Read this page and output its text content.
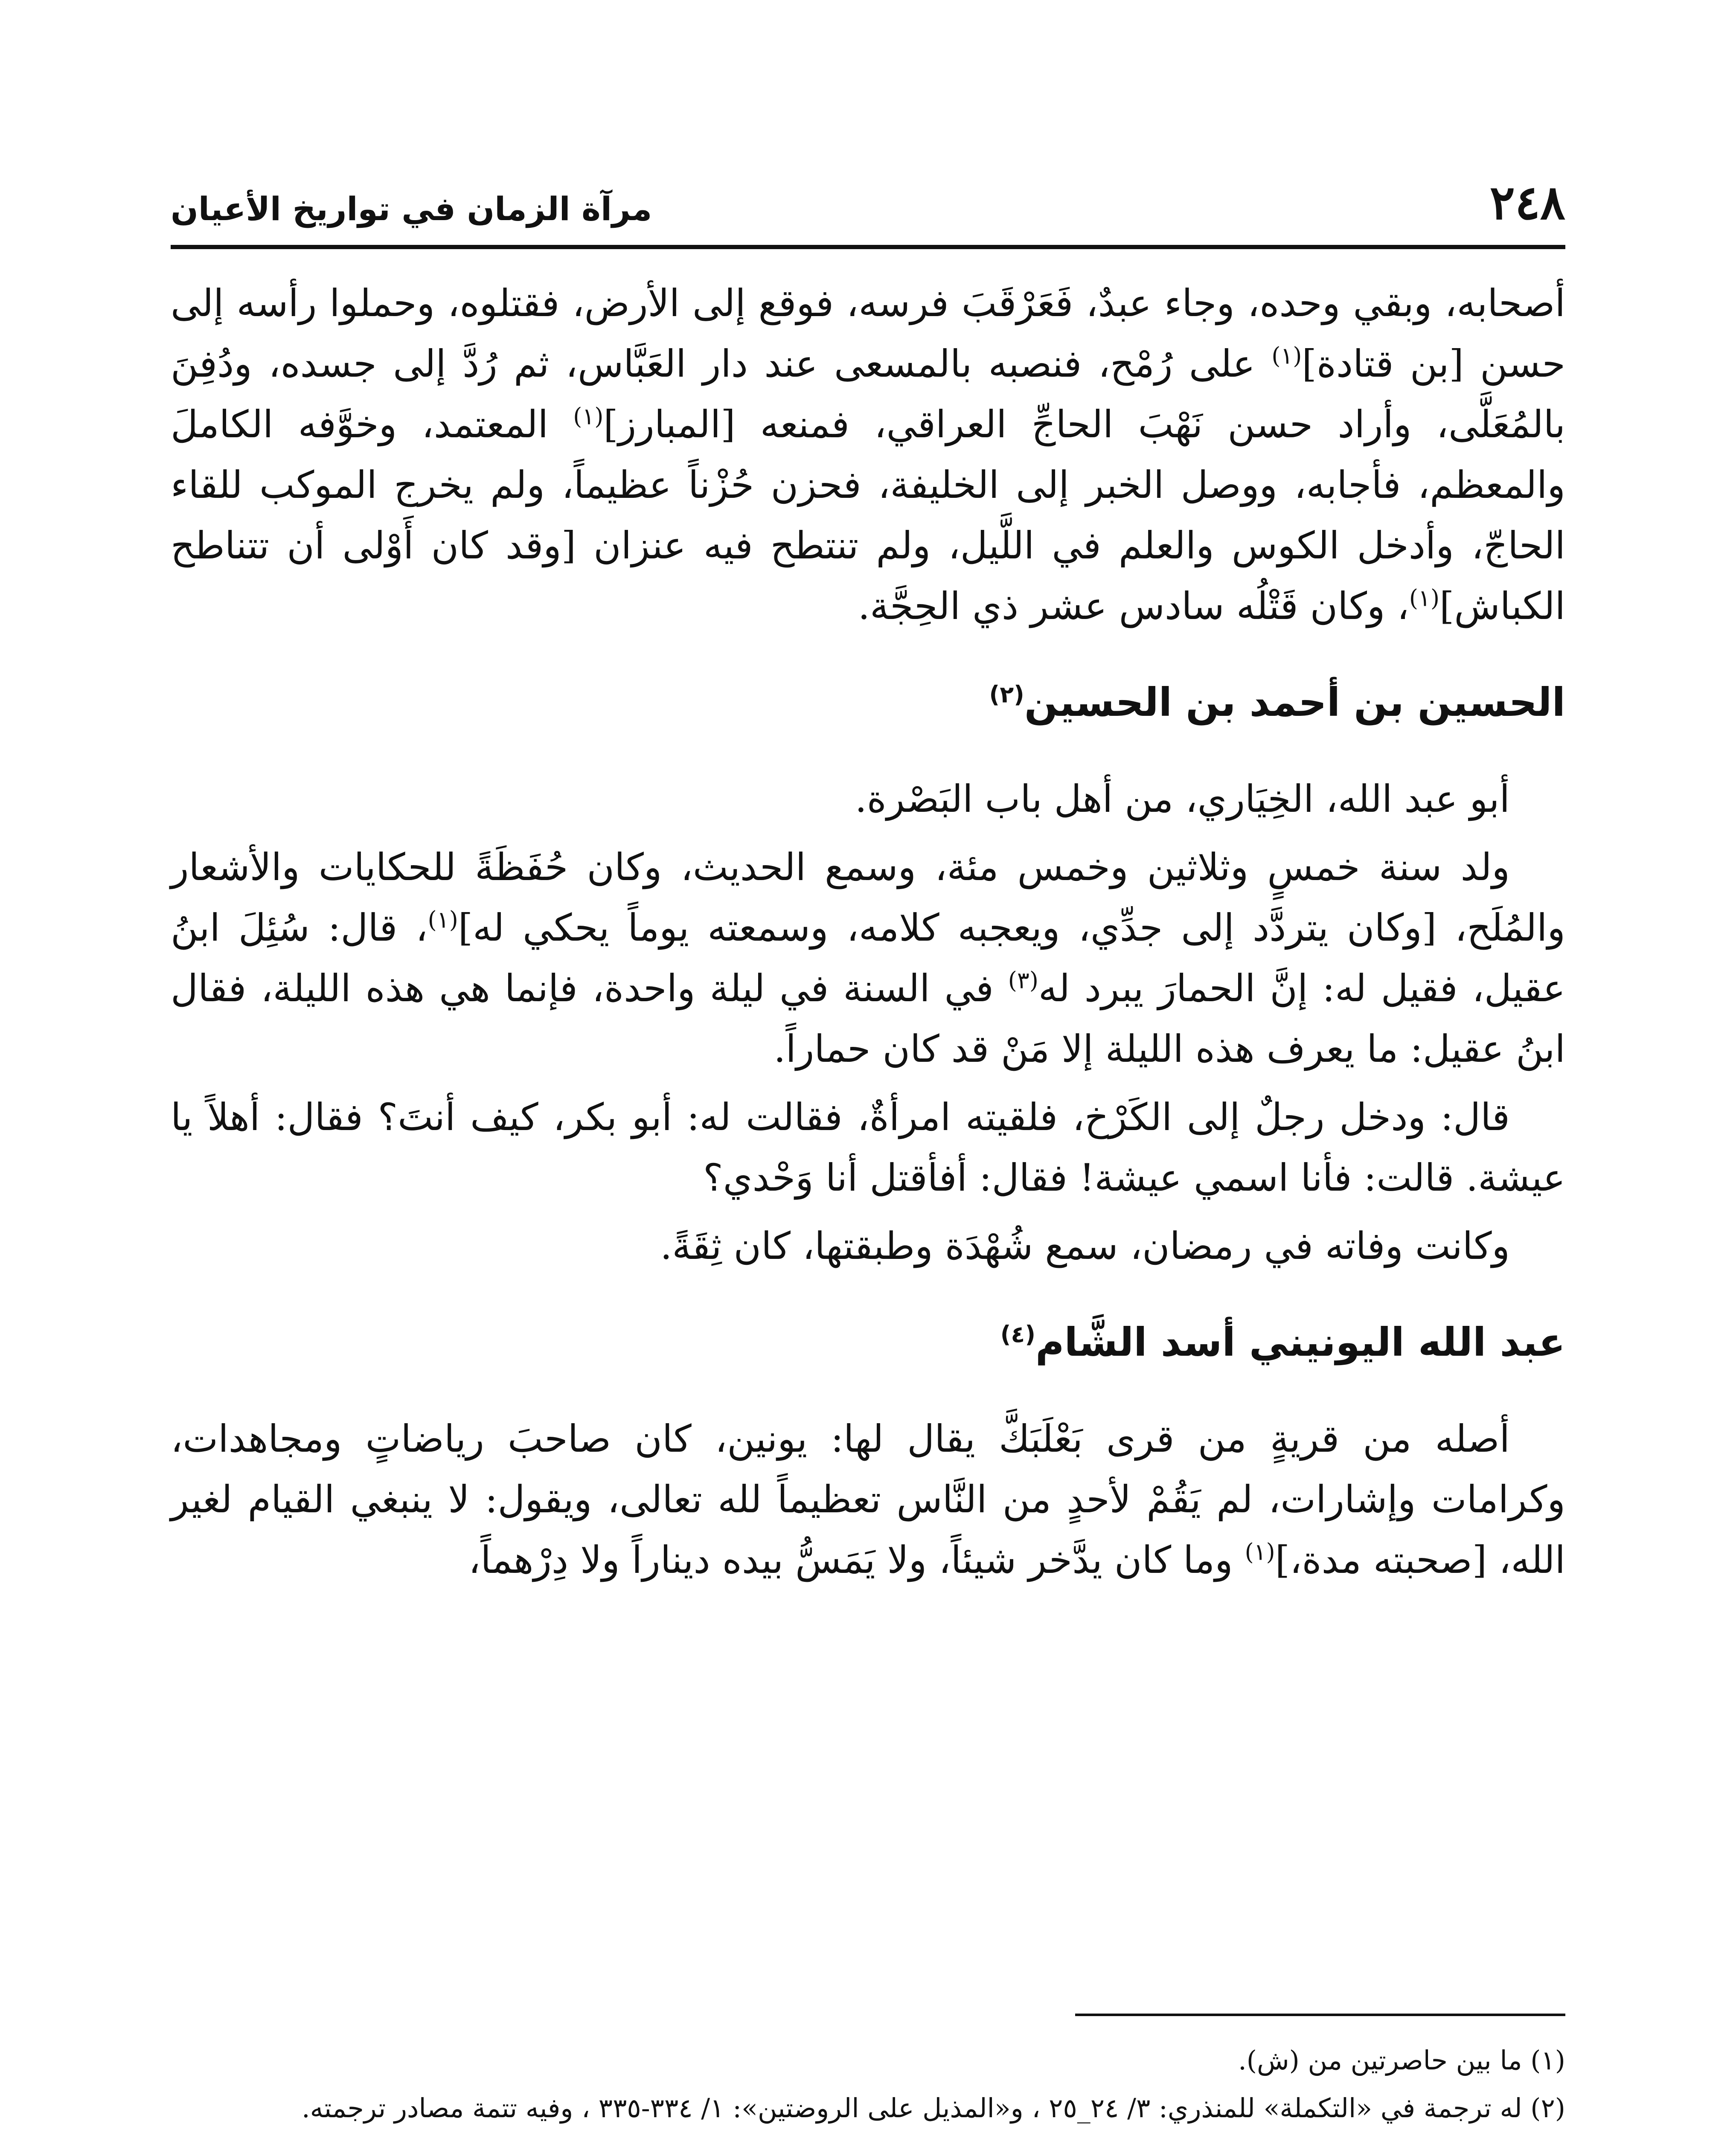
٢٤٨
مرآة الزمان في تواريخ الأعيان

أصحابه، وبقي وحده، وجاء عبدٌ، فَعَرْقَبَ فرسه، فوقع إلى الأرض، فقتلوه، وحملوا رأسه إلى حسن [بن قتادة]$^{(١)}$ على رُمْح، فنصبه بالمسعى عند دار العَبَّاس، ثم رُدَّ إلى جسده، ودُفِنَ بالمُعَلَّى، وأراد حسن نَهْبَ الحاجِّ العراقي، فمنعه [المبارز]$^{(١)}$ المعتمد، وخوَّفه الكاملَ والمعظم، فأجابه، ووصل الخبر إلى الخليفة، فحزن حُزْناً عظيماً، ولم يخرج الموكب للقاء الحاجّ، وأدخل الكوس والعلم في اللَّيل، ولم تنتطح فيه عنزان [وقد كان أَوْلى أن تتناطح الكباش]$^{(١)}$، وكان قَتْلُه سادس عشر ذي الحِجَّة.

الحسين بن أحمد بن الحسين$^{(٢)}$

أبو عبد الله، الخِيَاري، من أهل باب البَصْرة.

ولد سنة خمسٍ وثلاثين وخمس مئة، وسمع الحديث، وكان حُفَظَةً للحكايات والأشعار والمُلَح، [وكان يتردَّد إلى جدِّي، ويعجبه كلامه، وسمعته يوماً يحكي له]$^{(١)}$، قال: سُئِلَ ابنُ عقيل، فقيل له: إنَّ الحمارَ يبرد له$^{(٣)}$ في السنة في ليلة واحدة، فإنما هي هذه الليلة، فقال ابنُ عقيل: ما يعرف هذه الليلة إلا مَنْ قد كان حماراً.

قال: ودخل رجلٌ إلى الكَرْخ، فلقيته امرأةٌ، فقالت له: أبو بكر، كيف أنتَ؟ فقال: أهلاً يا عيشة. قالت: فأنا اسمي عيشة! فقال: أفأقتل أنا وَحْدي؟

وكانت وفاته في رمضان، سمع شُهْدَة وطبقتها، كان ثِقَةً.

عبد الله اليونيني أسد الشَّام$^{(٤)}$

أصله من قريةٍ من قرى بَعْلَبَكَّ يقال لها: يونين، كان صاحبَ رياضاتٍ ومجاهدات، وكرامات وإشارات، لم يَقُمْ لأحدٍ من النَّاس تعظيماً لله تعالى، ويقول: لا ينبغي القيام لغير الله، [صحبته مدة،]$^{(١)}$ وما كان يدَّخر شيئاً، ولا يَمَسُّ بيده ديناراً ولا دِرْهماً،

(١) ما بين حاصرتين من (ش).

(٢) له ترجمة في «التكملة» للمنذري: ٣/ ٢٤_٢٥ ، و«المذيل على الروضتين»: ١/ ٣٣٤-٣٣٥ ، وفيه تتمة مصادر ترجمته.
